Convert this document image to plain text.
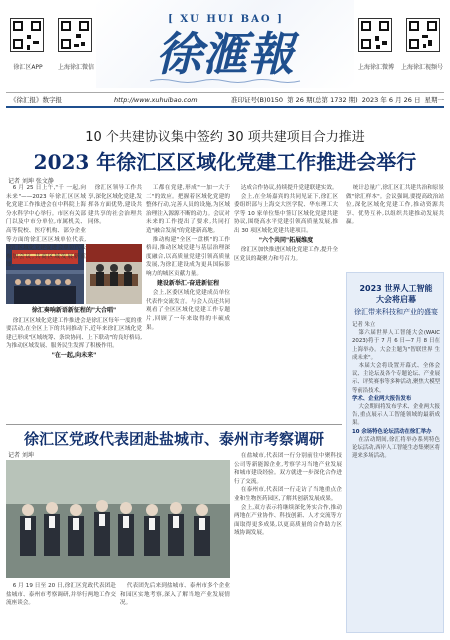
徐汇区APP	上海徐汇微信
[ XU HUI BAO ]
徐滙報	上海徐汇微博	上海徐汇视频号
《徐汇报》数字报	http://www.xuhuibao.com	准印证号(B)0150 第 26 期(总第 1732 期) 2023 年 6 月 26 日 星期一
10 个共建协议集中签约 30 项共建项目合力推进
2023 年徐汇区区域化党建工作推进会举行
记者 刘坤 张文静

6 月 25 日上午,"千 一起,向未来"——2023 年徐汇区区域化党建工作推进会在中科院上海分水科学中心举行。市区有关部门以及中市分单位,市属机关、高等院校、医疗机构、部分企业等方面的徐汇区区域单位代表,徐汇区域化党建促进会单位代表参加会议,共商区域发展新蓝图。

徐汇奏响新语新征程的"大合唱"

徐汇区区域化党建工作推进会是徐汇区每年一度的重要活动,在全区上下的共同推动下,近年来徐汇区域化党建已形成"区域统筹、条块协同、上下联动"的良好格局,为推动区域发展、服务民生发挥了积极作用。

"在一起,向未来"

徐汇区领导工作共享,深化区域化党建,发挥各方面优势,建设共建共享的社会治理共同体。

工都在党建,形成"一加一大于二"的效应。把握着区域化党建的整体行动,完善人员的设施,为区域治理注入源源不断的动力。会议对未来的工作提出了要求,共同打造"融合发展"的党建新高地。

推动构建"全区一盘棋"的工作格局,推动区域党建与基层治理深度融合,以高质量党建引领高质量发展,为徐汇建设成为更具国际影响力的城区贡献力量。

建设新举汇·奋进新征程

会上,区委区域化党建成员单位代表作交流发言。与会人员还共同观看了全区区域化党建工作专题片,回顾了一年来取得的丰硕成果。

达成合作协议,持续提升党建联建实效。

会上,在全场嘉宾的共同见证下,徐汇区委组织部与上海交大医学院、华东理工大学等 10 家单位集中签订区域化党建共建协议,围绕高水平党建引领高质量发展,推出 30 项区域化党建共建项目。

"六个共同"拓展维度

徐汇区加快推进区域化党建工作,提升全区党员的凝聚力和号召力。

统计总量广,徐汇区汇共建共治和原景做"徐汇样本"。会议强调,要提高政治站位,深化区域化党建工作,推动资源共享、优势互补,以组织共建推动发展共赢。

2023 世界人工智能
大会将启幕
徐汇带来科技和产业的盛宴

记者 朱立

第六届世界人工智能大会(WAIC 2023)将于 7 月 6 日—7 月 8 日在上海举办。大会主题为"智联世界 生成未来"。

本届大会将设置开幕式、全体会议、主论坛及各个专题论坛、产业展示、评奖赛事等多种活动,聚焦大模型等前沿技术。

学术、企业两大报告发布

大会期间将发布学术、企业两大报告,重点展示人工智能领域的最新成果。

10 余场特色论坛活动在徐汇举办

在活动期间,徐汇将举办系列特色论坛活动,西岸人工智能生态集聚区将迎来多场活动。

徐汇区党政代表团赴盐城市、泰州市考察调研
记者 刘坤

6 月 19 日至 20 日,徐汇区党政代表团赴盐城市、泰州市考察调研,并举行两地工作交流座谈会。

代表团先后来到盐城市、泰州市多个企业和园区实地考察,深入了解当地产业发展情况。

在盐城市,代表团一行分别前往中聚科技公司等新能源企业,考察学习当地产业发展和城市建设经验。双方就进一步深化合作进行了交流。

在泰州市,代表团一行走访了当地重点企业和生物医药园区,了解其创新发展成果。

会上,双方表示将继续深化务实合作,推动两地在产业协作、科技创新、人才交流等方面取得更多成果,以更高质量的合作助力区域协调发展。
